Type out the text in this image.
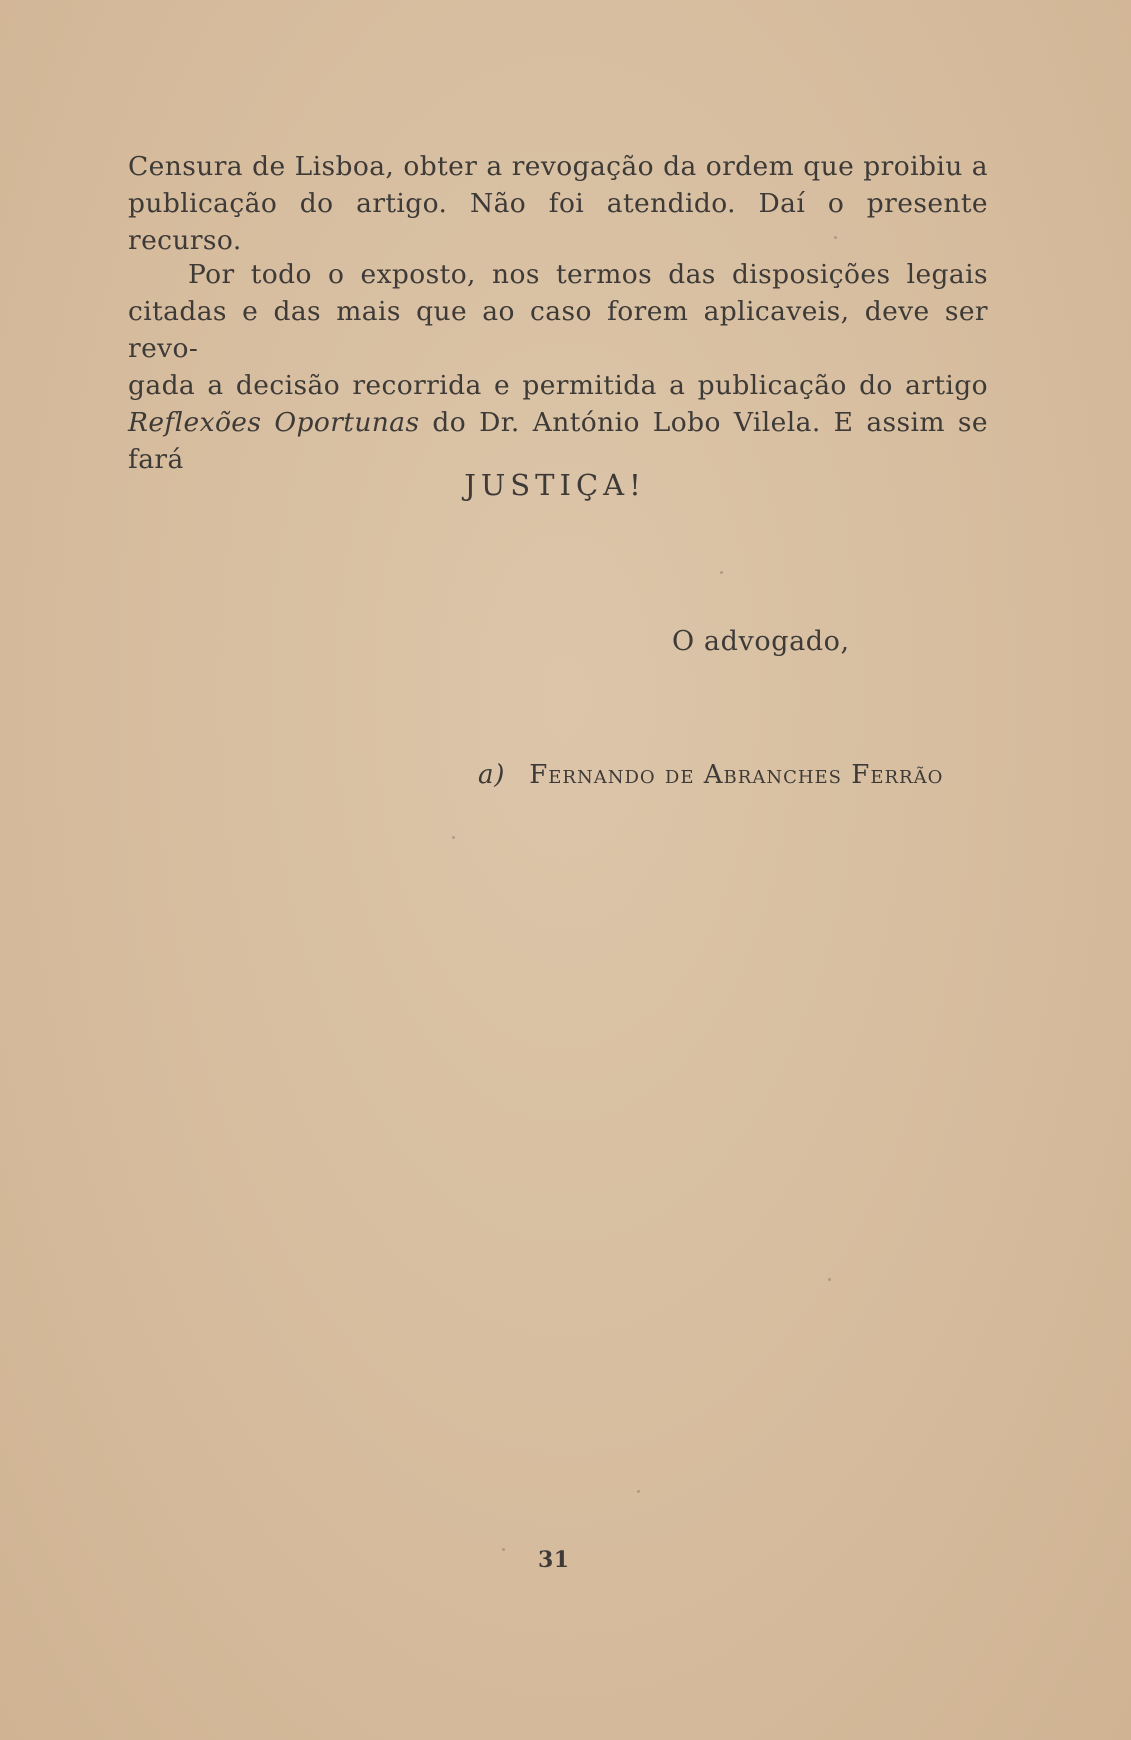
Censura de Lisboa, obter a revogação da ordem que proibiu a
publicação do artigo. Não foi atendido. Daí o presente recurso.

Por todo o exposto, nos termos das disposições legais
citadas e das mais que ao caso forem aplicaveis, deve ser revo-
gada a decisão recorrida e permitida a publicação do artigo
Reflexões Oportunas do Dr. António Lobo Vilela. E assim se fará

JUSTIÇA!

O advogado,

a) Fernando de Abranches Ferrão

31
